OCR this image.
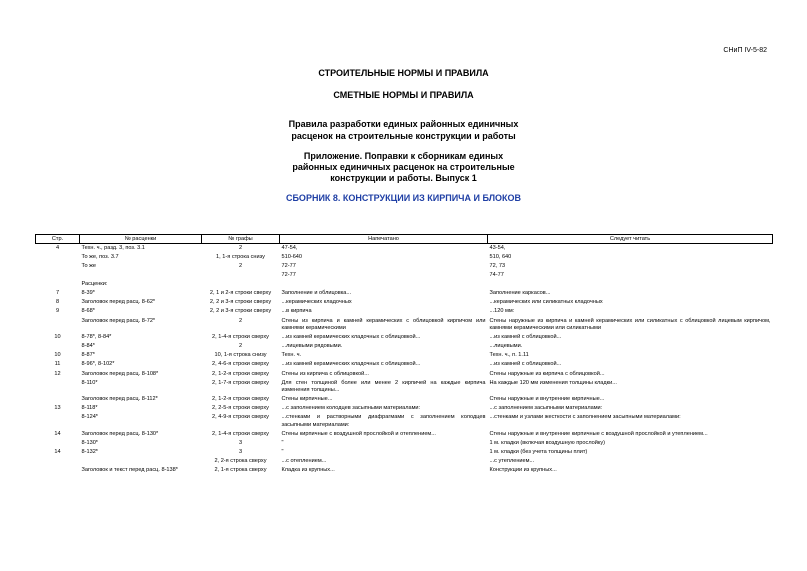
СНиП IV-5-82
СТРОИТЕЛЬНЫЕ НОРМЫ И ПРАВИЛА
СМЕТНЫЕ НОРМЫ И ПРАВИЛА
Правила разработки единых районных единичных
расценок на строительные конструкции и работы
Приложение. Поправки к сборникам единых
районных единичных расценок на строительные
конструкции и работы. Выпуск 1
СБОРНИК 8. КОНСТРУКЦИИ ИЗ КИРПИЧА И БЛОКОВ
Стр.	№ расценки	№ графы	Напечатано	Следует читать
4	Техн. ч., разд. 3, поз. 3.1	2	47-54,	43-54,
	То же, поз. 3.7	1, 1-я строка снизу	510-640	510, 640
	То же	2	72-77	72, 73
			72-77	74-77
	Расценки:			
7	8-39*	2, 1 и 2-я строки сверху	Заполнение и облицовка...	Заполнение каркасов...
8	Заголовок перед расц. 8-62*	2, 2 и 3-я строки сверху	...керамических кладочных	...керамических или силикатных кладочных
9	8-68*	2, 2 и 3-я строки сверху	...в кирпича	...120 мм:
	Заголовок перед расц. 8-72*	2	Стены из кирпича и камней керамических с облицовкой кирпичом или камнями керамическими	Стены наружные из кирпича и камней керамических или силикатных с облицовкой лицевым кирпичом, камнями керамическими или силикатными
10	8-78*, 8-84*	2, 1-4-я строки сверху	...из камней керамических кладочных с облицовкой...	...из камней с облицовкой...
	8-84*	2	...лицевыми рядовыми.	...лицевыми.
10	8-87*	10, 1-я строка снизу	Техн. ч.	Техн. ч., п. 1.11
11	8-96*, 8-102*	2, 4-6-я строки сверху	...из камней керамических кладочных с облицовкой...	...из камней с облицовкой...
12	Заголовок перед расц. 8-108*	2, 1-2-я строки сверху	Стены из кирпича с облицовкой...	Стены наружные из кирпича с облицовкой...
	8-110*	2, 1-7-я строки сверху	Для стен толщиной более или менее 2 кирпичей на каждые кирпича изменения толщины...	На каждые 120 мм изменения толщины кладки...
	Заголовок перед расц. 8-112*	2, 1-2-я строки сверху	Стены кирпичные...	Стены наружные и внутренние кирпичные...
13	8-118*	2, 2-5-я строки сверху	...с заполнением колодцев засыпными материалами:	...с заполнением засыпными материалами:
	8-124*	2, 4-9-я строки сверху	...стенками и растворными диафрагмами с заполнением колодцев засыпными материалами:	...стенками и узлами жесткости с заполнением засыпными материалами:
14	Заголовок перед расц. 8-130*	2, 1-4-я строки сверху	Стены кирпичные с воздушной прослойкой и отеплением...	Стены наружные и внутренние кирпичные с воздушной прослойкой и утеплением...
	8-130*	3	"	1 м. кладки (включая воздушную прослойку)
14	8-132*	3	"	1 м. кладки (без учета толщины плит)
		2, 2-я строка сверху	...с отеплением...	...с утеплением...
	Заголовок и текст перед расц. 8-138*	2, 1-я строка сверху	Кладка из крупных...	Конструкции из крупных...
